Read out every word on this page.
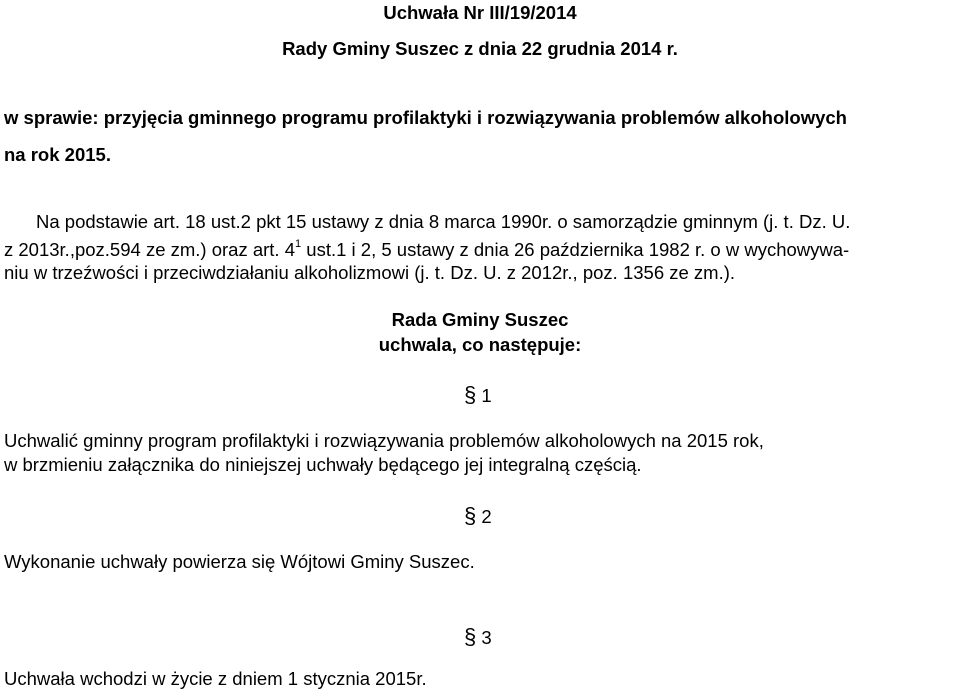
Uchwała Nr III/19/2014
Rady Gminy Suszec z dnia 22 grudnia 2014 r.
w sprawie: przyjęcia gminnego programu profilaktyki i rozwiązywania problemów alkoholowych
na rok 2015.
Na podstawie art. 18 ust.2 pkt 15 ustawy z dnia 8 marca 1990r. o samorządzie gminnym (j. t. Dz. U.
z 2013r.,poz.594 ze zm.) oraz art. $4^1$ ust.1 i 2, 5 ustawy z dnia 26 października 1982 r. o w wychowywa-
niu w trzeźwości i przeciwdziałaniu alkoholizmowi (j. t. Dz. U. z 2012r., poz. 1356 ze zm.).
Rada Gminy Suszec
uchwala, co następuje:
§ 1
Uchwalić gminny program profilaktyki i rozwiązywania problemów alkoholowych na 2015 rok,
w brzmieniu załącznika do niniejszej uchwały będącego jej integralną częścią.
§ 2
Wykonanie uchwały powierza się Wójtowi Gminy Suszec.
§ 3
Uchwała wchodzi w życie z dniem 1 stycznia 2015r.
